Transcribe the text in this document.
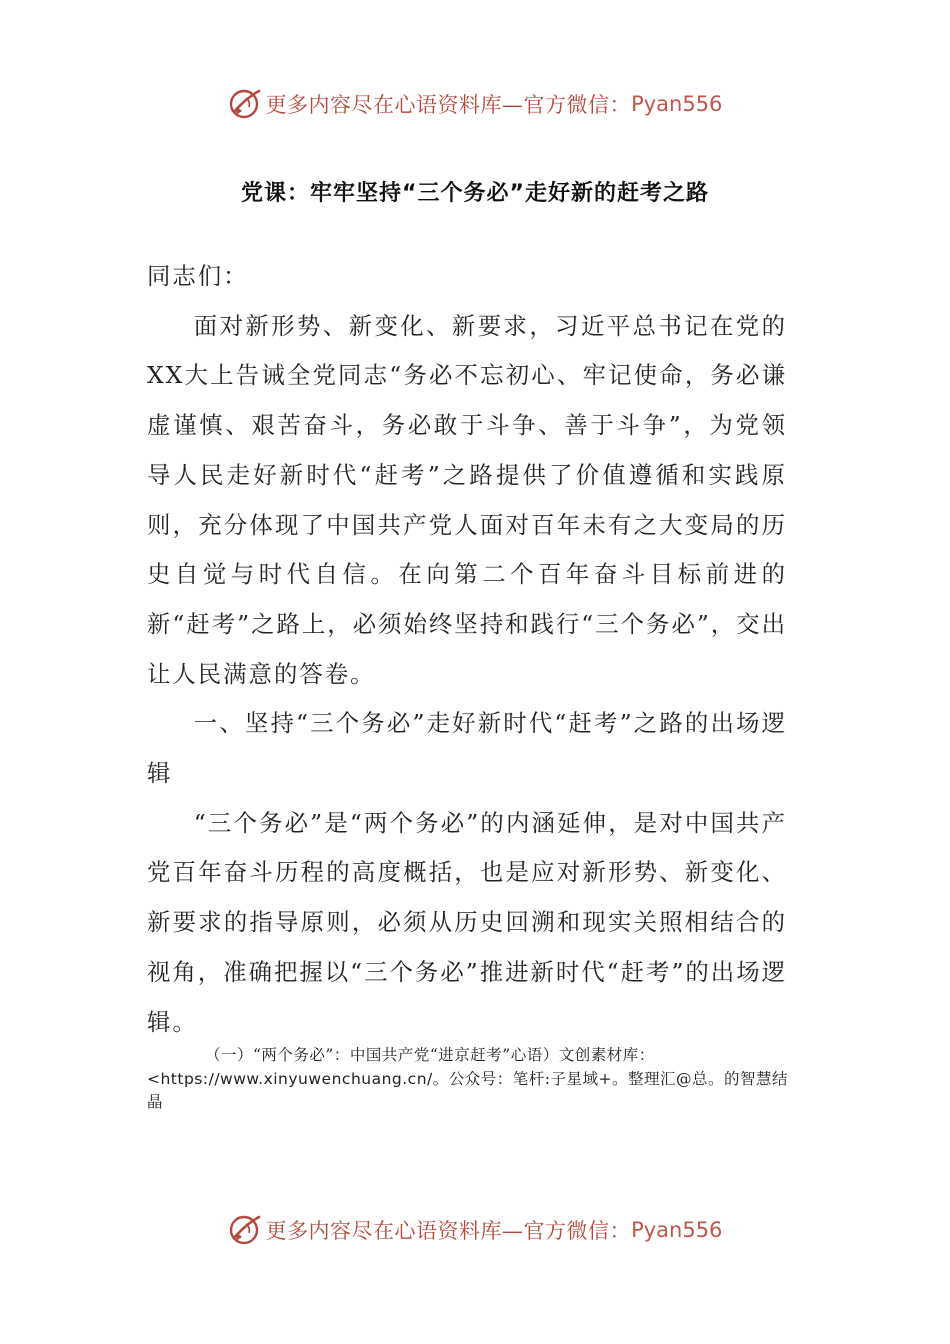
更多内容尽在心语资料库—官方微信： Pyan556
党课：牢牢坚持“三个务必”走好新的赶考之路

同志们：

面对新形势、新变化、新要求，习近平总书记在党的XX大上告诫全党同志“务必不忘初心、牢记使命，务必谦虚谨慎、艰苦奋斗，务必敢于斗争、善于斗争”，为党领导人民走好新时代“赶考”之路提供了价值遵循和实践原则，充分体现了中国共产党人面对百年未有之大变局的历史自觉与时代自信。在向第二个百年奋斗目标前进的新“赶考”之路上，必须始终坚持和践行“三个务必”，交出让人民满意的答卷。

一、坚持“三个务必”走好新时代“赶考”之路的出场逻辑

“三个务必”是“两个务必”的内涵延伸，是对中国共产党百年奋斗历程的高度概括，也是应对新形势、新变化、新要求的指导原则，必须从历史回溯和现实关照相结合的视角，准确把握以“三个务必”推进新时代“赶考”的出场逻辑。

（一）“两个务必”：中国共产党“进京赶考”心语）文创素材库：
<https://www.xinyuwenchuang.cn/。公众号：笔杆:子星域+。整理汇@总。的智慧结晶
更多内容尽在心语资料库—官方微信： Pyan556
